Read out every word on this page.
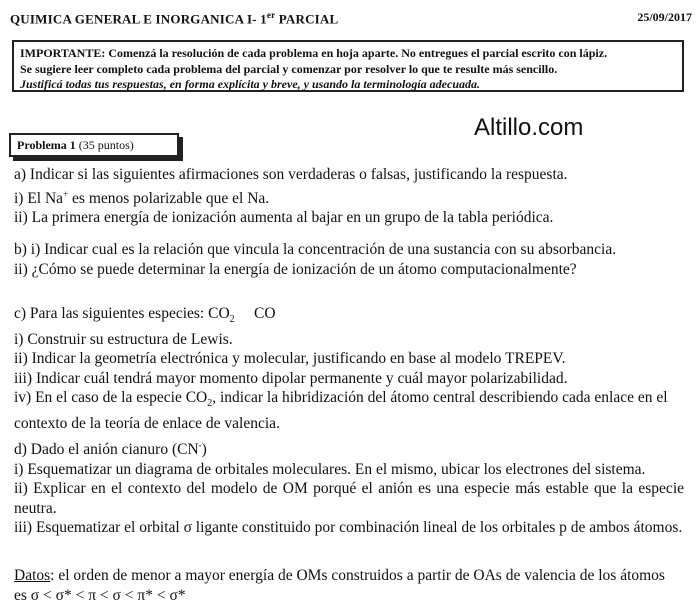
QUIMICA GENERAL E INORGANICA I- 1er PARCIAL	25/09/2017
IMPORTANTE: Comenzá la resolución de cada problema en hoja aparte. No entregues el parcial escrito con lápiz.
Se sugiere leer completo cada problema del parcial y comenzar por resolver lo que te resulte más sencillo.
Justificá todas tus respuestas, en forma explícita y breve, y usando la terminología adecuada.
Problema 1 (35 puntos)
Altillo.com
a) Indicar si las siguientes afirmaciones son verdaderas o falsas, justificando la respuesta.
i) El Na+ es menos polarizable que el Na.
ii) La primera energía de ionización aumenta al bajar en un grupo de la tabla periódica.
b) i) Indicar cual es la relación que vincula la concentración de una sustancia con su absorbancia.
ii) ¿Cómo se puede determinar la energía de ionización de un átomo computacionalmente?
c) Para las siguientes especies: $CO_2$     CO
i) Construir su estructura de Lewis.
ii) Indicar la geometría electrónica y molecular, justificando en base al modelo TREPEV.
iii) Indicar cuál tendrá mayor momento dipolar permanente y cuál mayor polarizabilidad.
iv) En el caso de la especie $CO_2$, indicar la hibridización del átomo central describiendo cada enlace en el
contexto de la teoría de enlace de valencia.
d) Dado el anión cianuro (CN-)
i) Esquematizar un diagrama de orbitales moleculares. En el mismo, ubicar los electrones del sistema.
ii) Explicar en el contexto del modelo de OM porqué el anión es una especie más estable que la especie neutra.
iii) Esquematizar el orbital σ ligante constituido por combinación lineal de los orbitales p de ambos átomos.
Datos: el orden de menor a mayor energía de OMs construidos a partir de OAs de valencia de los átomos
es σ < σ* < π < σ < π* < σ*
